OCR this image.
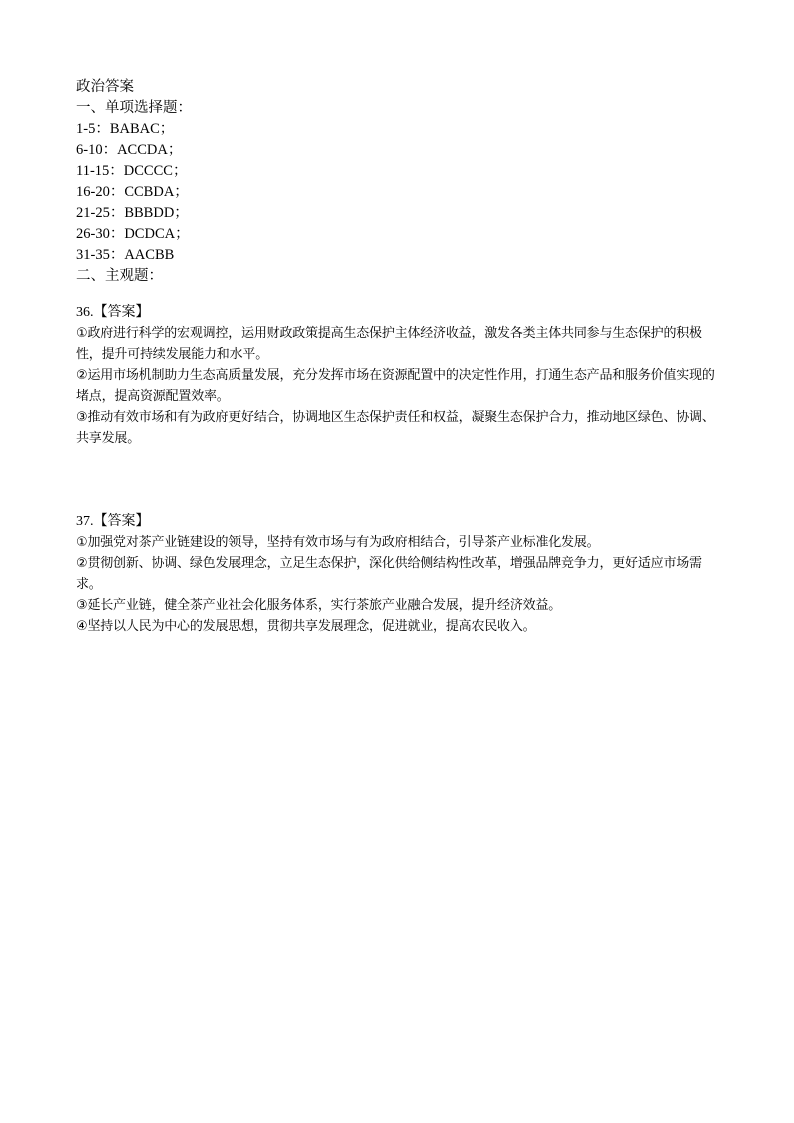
政治答案
一、单项选择题：
1-5：BABAC；
6-10：ACCDA；
11-15：DCCCC；
16-20：CCBDA；
21-25：BBBDD；
26-30：DCDCA；
31-35：AACBB
二、主观题：
36.【答案】
①政府进行科学的宏观调控，运用财政政策提高生态保护主体经济收益，激发各类主体共同参与生态保护的积极性，提升可持续发展能力和水平。
②运用市场机制助力生态高质量发展，充分发挥市场在资源配置中的决定性作用，打通生态产品和服务价值实现的堵点，提高资源配置效率。
③推动有效市场和有为政府更好结合，协调地区生态保护责任和权益，凝聚生态保护合力，推动地区绿色、协调、共享发展。
37.【答案】
①加强党对茶产业链建设的领导，坚持有效市场与有为政府相结合，引导茶产业标准化发展。
②贯彻创新、协调、绿色发展理念，立足生态保护，深化供给侧结构性改革，增强品牌竞争力，更好适应市场需求。
③延长产业链，健全茶产业社会化服务体系，实行茶旅产业融合发展，提升经济效益。
④坚持以人民为中心的发展思想，贯彻共享发展理念，促进就业，提高农民收入。
